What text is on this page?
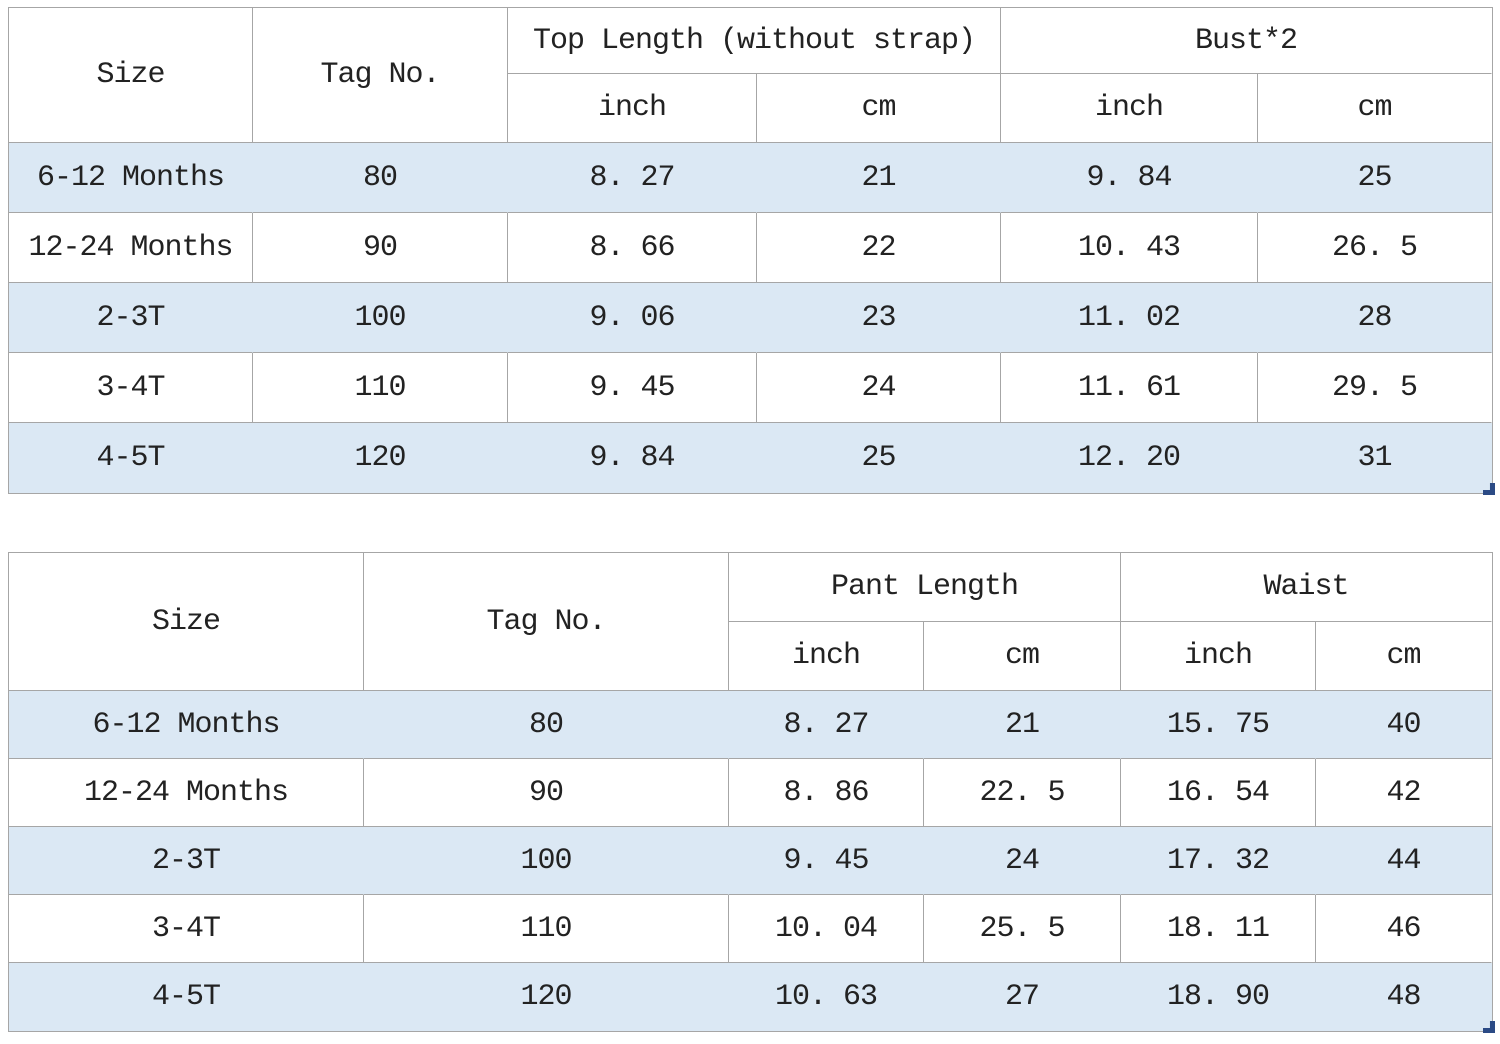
Size	Tag No.	Top Length (without strap)		Bust*2	
		inch	cm	inch	cm
6-12 Months	80	8. 27	21	9. 84	25
12-24 Months	90	8. 66	22	10. 43	26. 5
2-3T	100	9. 06	23	11. 02	28
3-4T	110	9. 45	24	11. 61	29. 5
4-5T	120	9. 84	25	12. 20	31
Size	Tag No.	Pant Length		Waist	
		inch	cm	inch	cm
6-12 Months	80	8. 27	21	15. 75	40
12-24 Months	90	8. 86	22. 5	16. 54	42
2-3T	100	9. 45	24	17. 32	44
3-4T	110	10. 04	25. 5	18. 11	46
4-5T	120	10. 63	27	18. 90	48
